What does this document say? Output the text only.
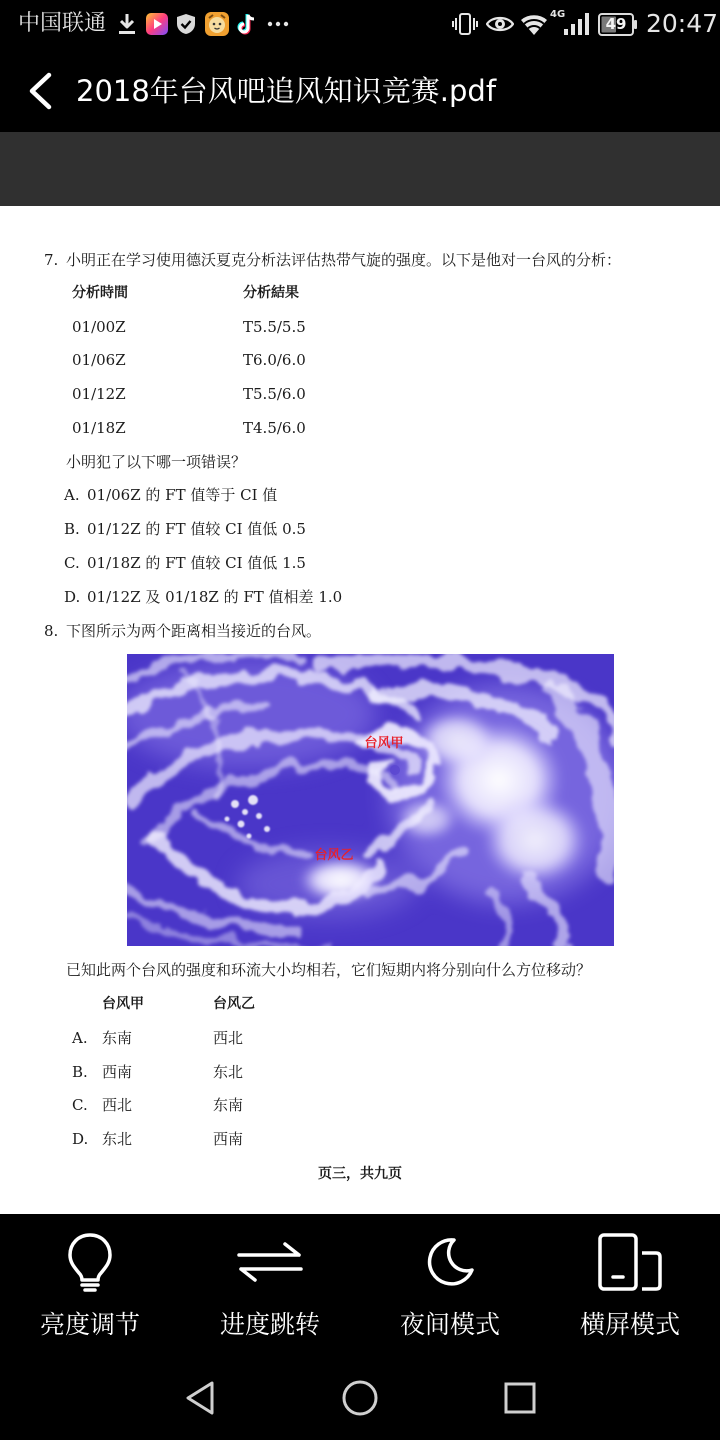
中国联通	4G
49 20:47
2018年台风吧追风知识竞赛.pdf
7. 小明正在学习使用德沃夏克分析法评估热带气旋的强度。以下是他对一台风的分析：
分析時間	分析結果
01/00Z	T5.5/5.5
01/06Z	T6.0/6.0
01/12Z	T5.5/6.0
01/18Z	T4.5/6.0
小明犯了以下哪一项错误？
A. 01/06Z 的 FT 值等于 CI 值
B. 01/12Z 的 FT 值较 CI 值低 0.5
C. 01/18Z 的 FT 值较 CI 值低 1.5
D. 01/12Z 及 01/18Z 的 FT 值相差 1.0
8. 下图所示为两个距离相当接近的台风。
台风甲
台风乙
已知此两个台风的强度和环流大小均相若，它们短期内将分别向什么方位移动？
台风甲	台风乙
A. 东南	西北
B. 西南	东北
C. 西北	东南
D. 东北	西南
页三，共九页
亮度调节	进度跳转	夜间模式	横屏模式
